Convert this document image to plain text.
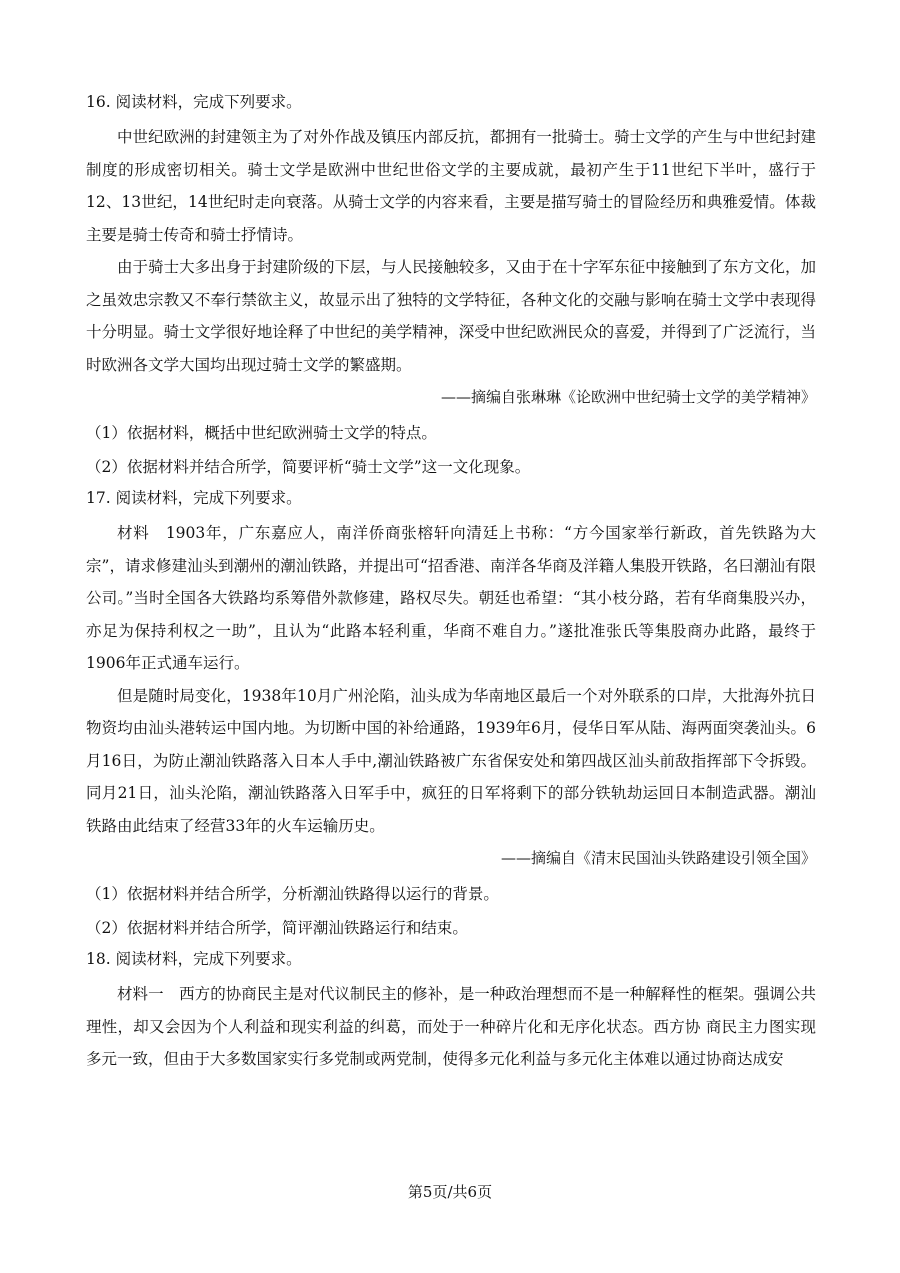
16. 阅读材料，完成下列要求。

中世纪欧洲的封建领主为了对外作战及镇压内部反抗，都拥有一批骑士。骑士文学的产生与中世纪封建制度的形成密切相关。骑士文学是欧洲中世纪世俗文学的主要成就，最初产生于11世纪下半叶，盛行于12、13世纪，14世纪时走向衰落。从骑士文学的内容来看，主要是描写骑士的冒险经历和典雅爱情。体裁主要是骑士传奇和骑士抒情诗。

由于骑士大多出身于封建阶级的下层，与人民接触较多，又由于在十字军东征中接触到了东方文化，加之虽效忠宗教又不奉行禁欲主义，故显示出了独特的文学特征，各种文化的交融与影响在骑士文学中表现得十分明显。骑士文学很好地诠释了中世纪的美学精神，深受中世纪欧洲民众的喜爱，并得到了广泛流行，当时欧洲各文学大国均出现过骑士文学的繁盛期。

——摘编自张琳琳《论欧洲中世纪骑士文学的美学精神》

（1）依据材料，概括中世纪欧洲骑士文学的特点。

（2）依据材料并结合所学，简要评析“骑士文学”这一文化现象。

17. 阅读材料，完成下列要求。

材料　1903年，广东嘉应人，南洋侨商张榕轩向清廷上书称：“方今国家举行新政，首先铁路为大宗”，请求修建汕头到潮州的潮汕铁路，并提出可“招香港、南洋各华商及洋籍人集股开铁路，名曰潮汕有限公司。”当时全国各大铁路均系筹借外款修建，路权尽失。朝廷也希望：“其小枝分路，若有华商集股兴办，亦足为保持利权之一助”，且认为“此路本轻利重，华商不难自力。”遂批准张氏等集股商办此路，最终于1906年正式通车运行。

但是随时局变化，1938年10月广州沦陷，汕头成为华南地区最后一个对外联系的口岸，大批海外抗日物资均由汕头港转运中国内地。为切断中国的补给通路，1939年6月，侵华日军从陆、海两面突袭汕头。6月16日，为防止潮汕铁路落入日本人手中,潮汕铁路被广东省保安处和第四战区汕头前敌指挥部下令拆毁。同月21日，汕头沦陷，潮汕铁路落入日军手中，疯狂的日军将剩下的部分铁轨劫运回日本制造武器。潮汕铁路由此结束了经营33年的火车运输历史。

——摘编自《清末民国汕头铁路建设引领全国》

（1）依据材料并结合所学，分析潮汕铁路得以运行的背景。

（2）依据材料并结合所学，简评潮汕铁路运行和结束。

18. 阅读材料，完成下列要求。

材料一　西方的协商民主是对代议制民主的修补，是一种政治理想而不是一种解释性的框架。强调公共理性，却又会因为个人利益和现实利益的纠葛，而处于一种碎片化和无序化状态。西方协 商民主力图实现多元一致，但由于大多数国家实行多党制或两党制，使得多元化利益与多元化主体难以通过协商达成安

第5页/共6页
